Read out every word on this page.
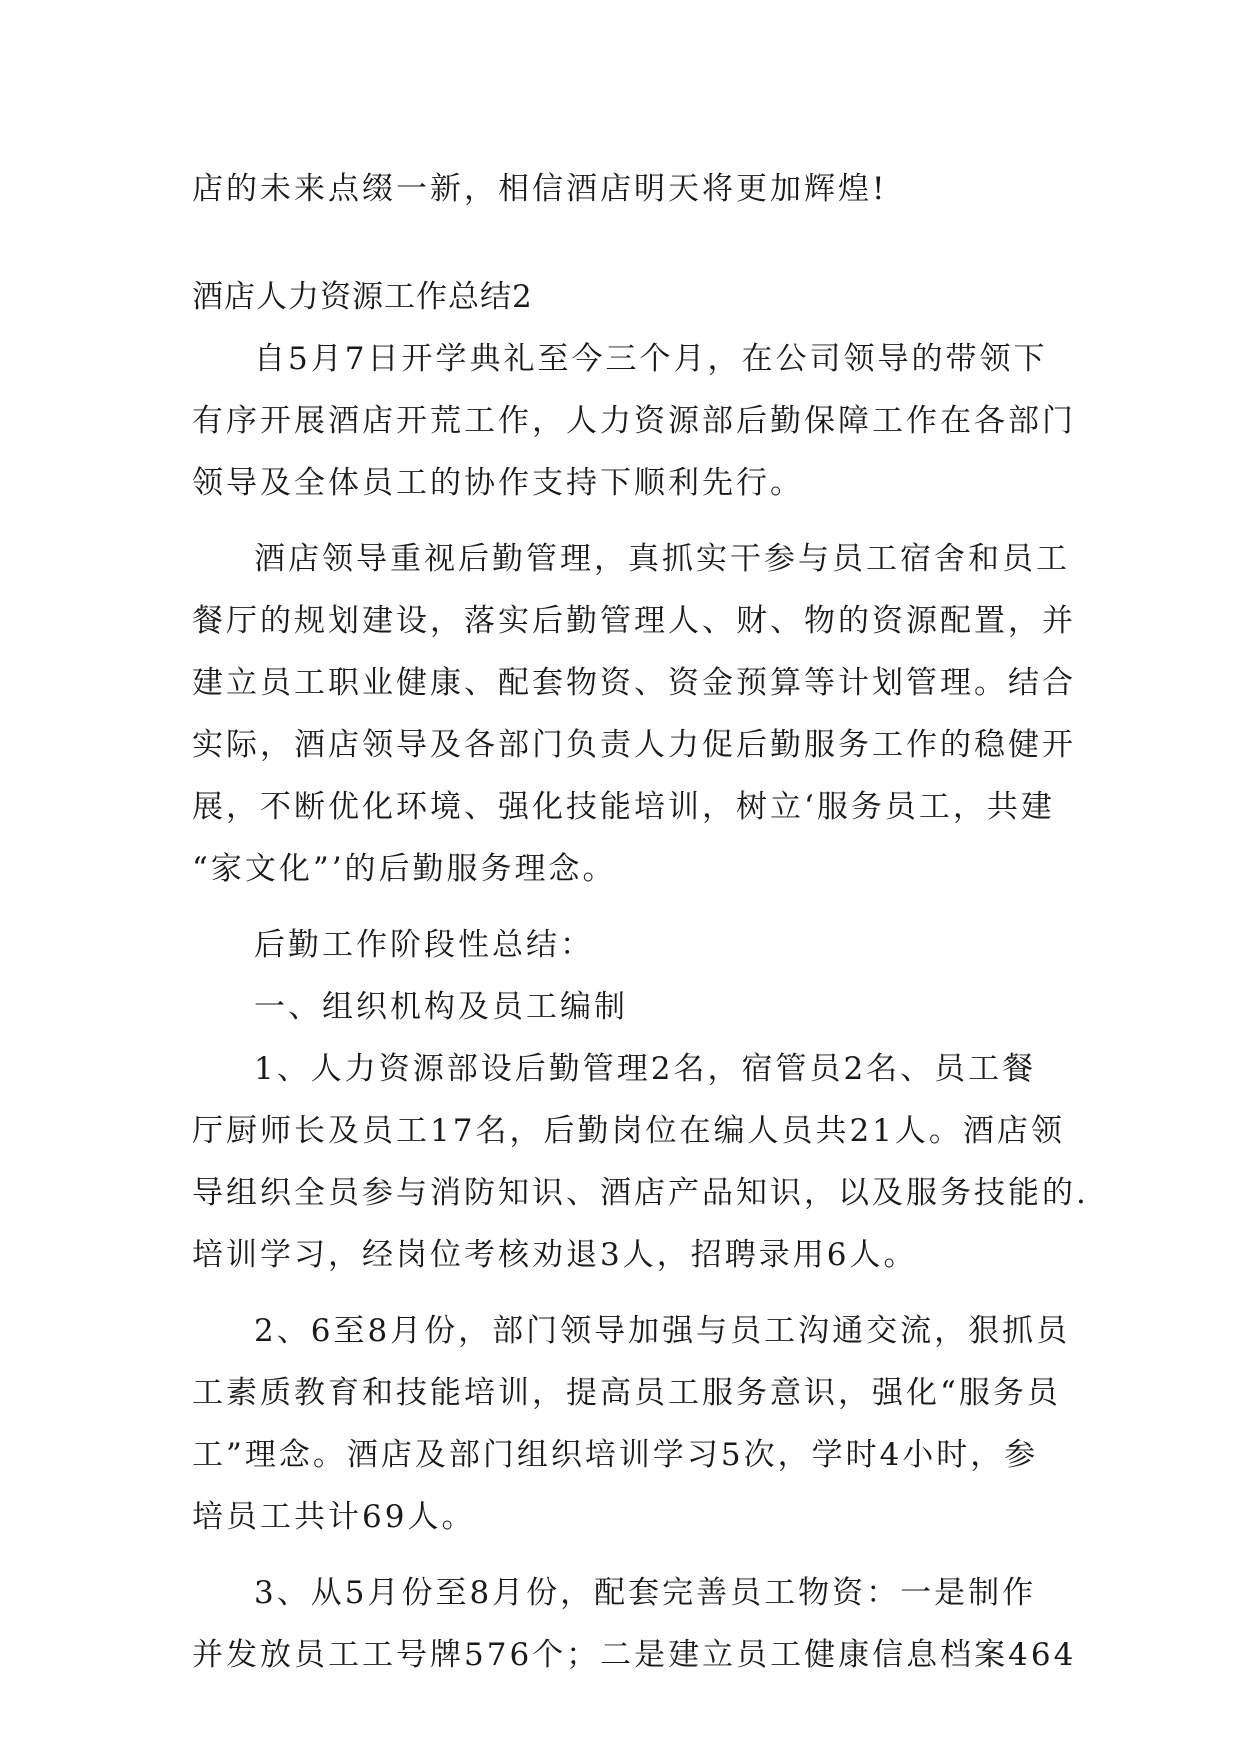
店的未来点缀一新，相信酒店明天将更加辉煌!
酒店人力资源工作总结2
自5月7日开学典礼至今三个月，在公司领导的带领下
有序开展酒店开荒工作，人力资源部后勤保障工作在各部门
领导及全体员工的协作支持下顺利先行。
酒店领导重视后勤管理，真抓实干参与员工宿舍和员工
餐厅的规划建设，落实后勤管理人、财、物的资源配置，并
建立员工职业健康、配套物资、资金预算等计划管理。结合
实际，酒店领导及各部门负责人力促后勤服务工作的稳健开
展，不断优化环境、强化技能培训，树立‘服务员工，共建
“家文化”’的后勤服务理念。
后勤工作阶段性总结：
一、组织机构及员工编制
1、人力资源部设后勤管理2名，宿管员2名、员工餐
厅厨师长及员工17名，后勤岗位在编人员共21人。酒店领
导组织全员参与消防知识、酒店产品知识，以及服务技能的.
培训学习，经岗位考核劝退3人，招聘录用6人。
2、6至8月份，部门领导加强与员工沟通交流，狠抓员
工素质教育和技能培训，提高员工服务意识，强化“服务员
工”理念。酒店及部门组织培训学习5次，学时4小时，参
培员工共计69人。
3、从5月份至8月份，配套完善员工物资：一是制作
并发放员工工号牌576个；二是建立员工健康信息档案464
